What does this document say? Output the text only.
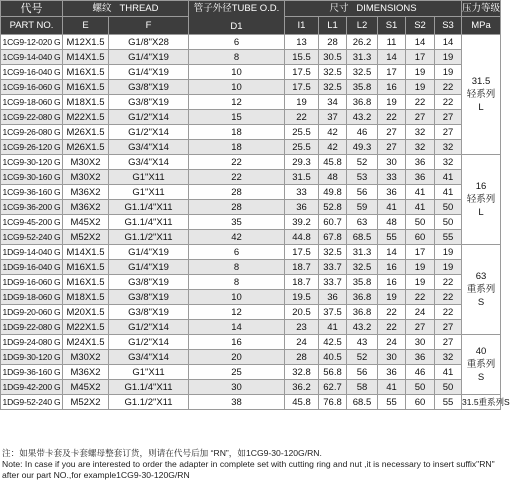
代号	螺纹 THREAD		管子外径TUBE O.D.
D1	尺寸 DIMENSIONS						压力等级
PART NO.	E	F		I1	L1	L2	S1	S2	S3	MPa
1CG9-12-020 G	M12X1.5	G1/8"X28	6	13	28	26.2	11	14	14	31.5
轻系列
L

1CG9-14-040 G	M14X1.5	G1/4"X19	8	15.5	30.5	31.3	14	17	19	
1CG9-16-040 G	M16X1.5	G1/4"X19	10	17.5	32.5	32.5	17	19	19	
1CG9-16-060 G	M16X1.5	G3/8"X19	10	17.5	32.5	35.8	16	19	22	
1CG9-18-060 G	M18X1.5	G3/8"X19	12	19	34	36.8	19	22	22	
1CG9-22-080 G	M22X1.5	G1/2"X14	15	22	37	43.2	22	27	27	
1CG9-26-080 G	M26X1.5	G1/2"X14	18	25.5	42	46	27	32	27	
1CG9-26-120 G	M26X1.5	G3/4"X14	18	25.5	42	49.3	27	32	32	
1CG9-30-120 G	M30X2	G3/4"X14	22	29.3	45.8	52	30	36	32	16
轻系列
L

1CG9-30-160 G	M30X2	G1"X11	22	31.5	48	53	33	36	41	
1CG9-36-160 G	M36X2	G1"X11	28	33	49.8	56	36	41	41	
1CG9-36-200 G	M36X2	G1.1/4"X11	28	36	52.8	59	41	41	50	
1CG9-45-200 G	M45X2	G1.1/4"X11	35	39.2	60.7	63	48	50	50	
1CG9-52-240 G	M52X2	G1.1/2"X11	42	44.8	67.8	68.5	55	60	55	
1DG9-14-040 G	M14X1.5	G1/4"X19	6	17.5	32.5	31.3	14	17	19	63
重系列
S

1DG9-16-040 G	M16X1.5	G1/4"X19	8	18.7	33.7	32.5	16	19	19	
1DG9-16-060 G	M16X1.5	G3/8"X19	8	18.7	33.7	35.8	16	19	22	
1DG9-18-060 G	M18X1.5	G3/8"X19	10	19.5	36	36.8	19	22	22	
1DG9-20-060 G	M20X1.5	G3/8"X19	12	20.5	37.5	36.8	22	24	22	
1DG9-22-080 G	M22X1.5	G1/2"X14	14	23	41	43.2	22	27	27	
1DG9-24-080 G	M24X1.5	G1/2"X14	16	24	42.5	43	24	30	27	40
重系列
S

1DG9-30-120 G	M30X2	G3/4"X14	20	28	40.5	52	30	36	32	
1DG9-36-160 G	M36X2	G1"X11	25	32.8	56.8	56	36	46	41	
1DG9-42-200 G	M45X2	G1.1/4"X11	30	36.2	62.7	58	41	50	50	
1DG9-52-240 G	M52X2	G1.1/2"X11	38	45.8	76.8	68.5	55	60	55	31.5重系列S
注：如果带卡套及卡套螺母整套订货，则请在代号后加 “RN”，如1CG9-30-120G/RN.
Note: In case if you are interested to order the adapter in complete set with cutting ring and nut ,it is necessary to insert suffix"RN"
after our part NO.,for example1CG9-30-120G/RN
